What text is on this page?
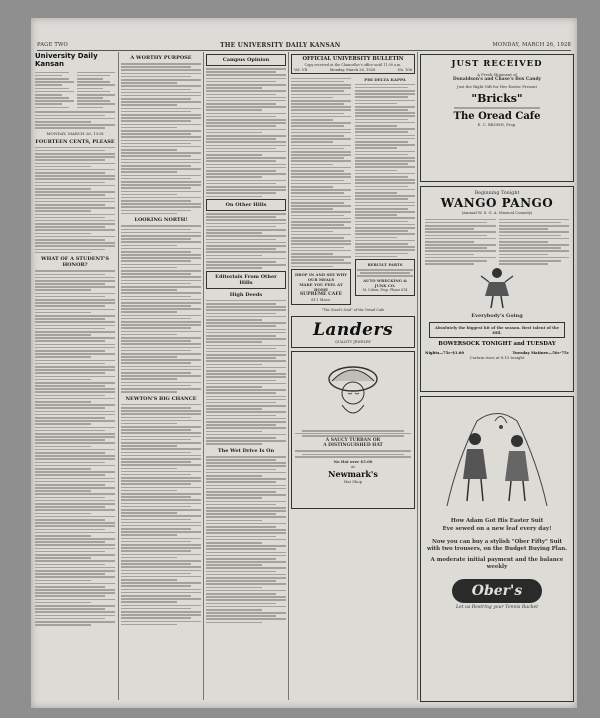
PAGE TWO	THE UNIVERSITY DAILY KANSAN	MONDAY, MARCH 26, 1928
University Daily Kansan
MONDAY, MARCH 26, 1928
FOURTEEN CENTS, PLEASE
WHAT OF A STUDENT'S HONOR?
A WORTHY PURPOSE
LOOKING NORTH!
NEWTON'S BIG CHANCE
Campus Opinion
On Other Hills
Editorials From Other Hills
High Deeds
The Wet Drive Is On
OFFICIAL UNIVERSITY BULLETIN
Copy received at the Chancellor's office until 11:00 a.m.
Vol. VII	Monday, March 26, 1928	No. 106
DROP IN AND SEE WHY
OUR MEALS
MAKE YOU FEEL AT HOME
SUPREME CAFE
811 Mass.
PHI DELTA KAPPA
REBUILT PARTS
AUTO WRECKING & JUNK CO.
M. Cohen, Prop. Phone 814
"The Good's Soul" of the Oread Cafe
Landers
QUALITY JEWELRY
A SAUCY TURBAN OR
A DISTINGUISHED HAT
No Hat over $5.00
at
Newmark's
Hat Shop
JUST RECEIVED
A Fresh Shipment of
Donaldson's and Chase's Box Candy
Just the Right Gift for Her Easter Present
"Bricks"
The Oread Cafe
E. C. BROWN, Prop.
Beginning Tonight
WANGO PANGO
(Annual W. S. G. A. Musical Comedy)
Everybody's Going
Absolutely the biggest hit of the season. Best talent of the Hill.
BOWERSOCK TONIGHT and TUESDAY
Nights—75c-$1.00	Tuesday Matinee—50c-75c
Curtain rises at 8:15 tonight
How Adam Got His Easter Suit
Eve sewed on a new leaf every day!
Now you can buy a stylish "Ober Fifty" Suit with two trousers, on the Budget Buying Plan.
A moderate initial payment and the balance weekly
Ober's
Let us Restring your Tennis Racket
